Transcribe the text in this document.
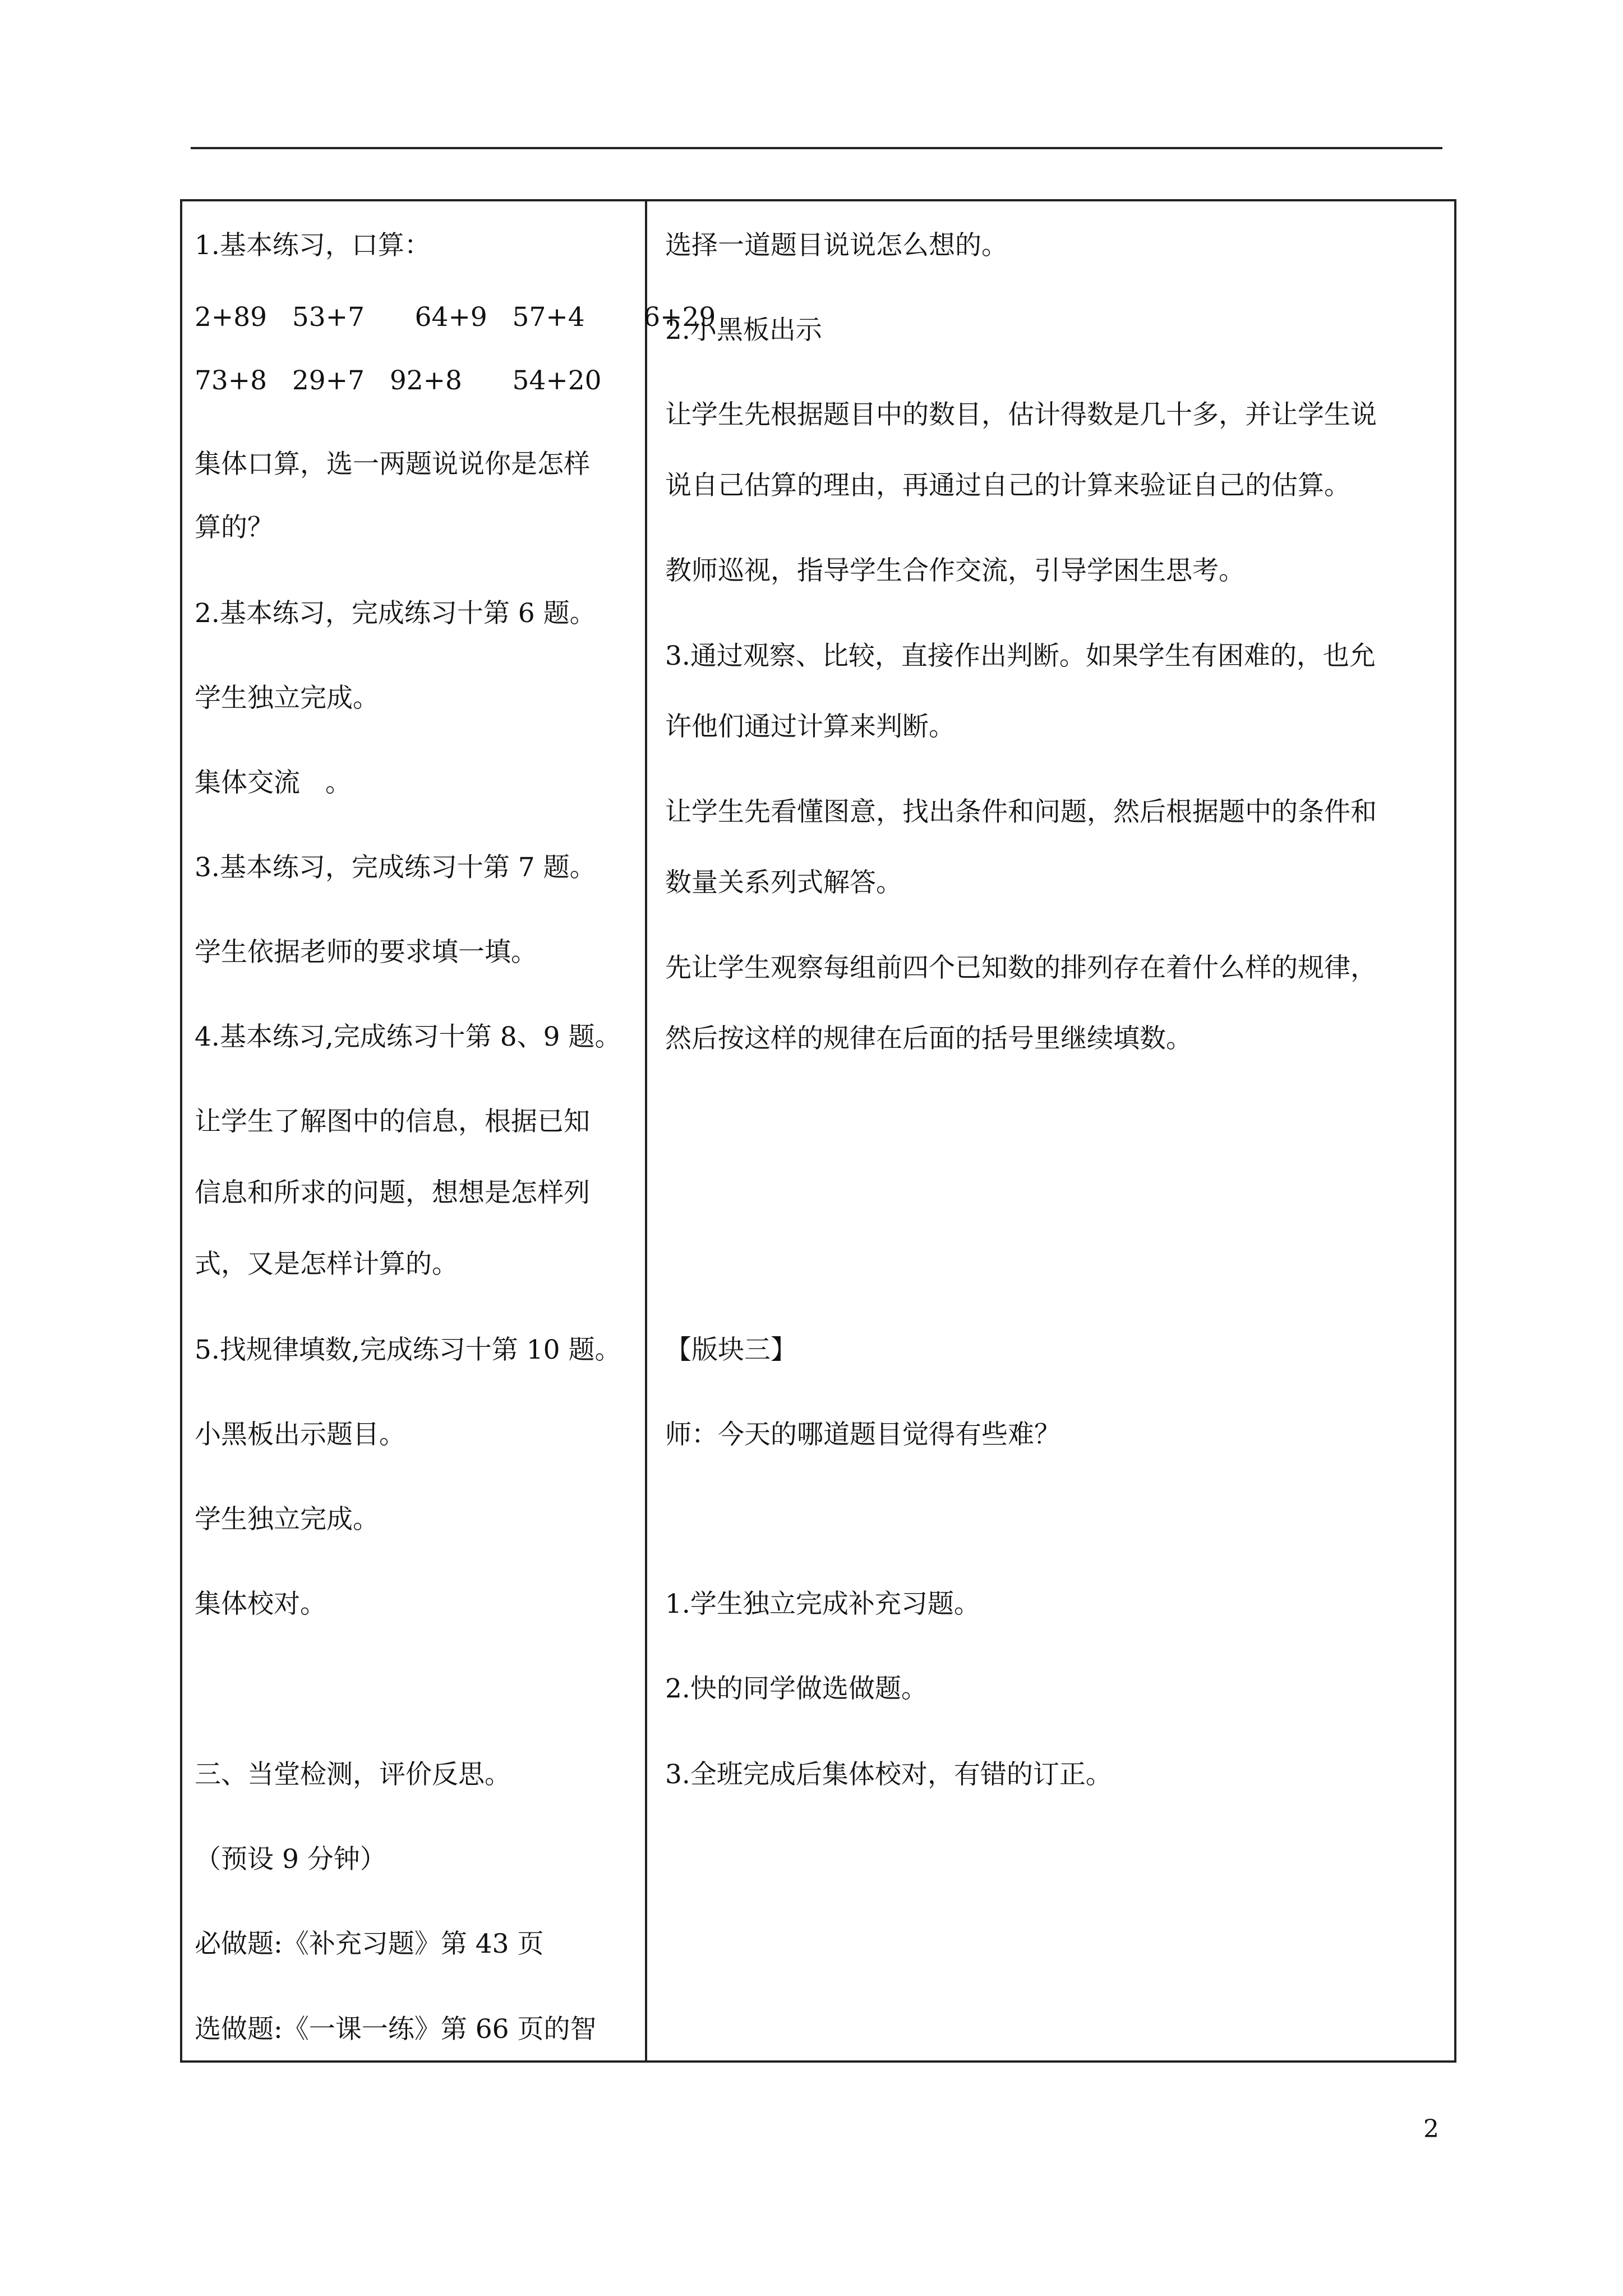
1.基本练习，口算：

2+89   53+7      64+9   57+4       6+29

73+8   29+7   92+8      54+20

集体口算，选一两题说说你是怎样

算的？

2.基本练习，完成练习十第 6 题。

学生独立完成。

集体交流   。

3.基本练习，完成练习十第 7 题。

学生依据老师的要求填一填。

4.基本练习,完成练习十第 8、9 题。

让学生了解图中的信息，根据已知

信息和所求的问题，想想是怎样列

式，又是怎样计算的。

5.找规律填数,完成练习十第 10 题。

小黑板出示题目。

学生独立完成。

集体校对。

三、当堂检测，评价反思。

（预设 9 分钟）

必做题:《补充习题》第 43 页

选做题:《一课一练》第 66 页的智

选择一道题目说说怎么想的。

2.小黑板出示

让学生先根据题目中的数目，估计得数是几十多，并让学生说

说自己估算的理由，再通过自己的计算来验证自己的估算。

教师巡视，指导学生合作交流，引导学困生思考。

3.通过观察、比较，直接作出判断。如果学生有困难的，也允

许他们通过计算来判断。

让学生先看懂图意，找出条件和问题，然后根据题中的条件和

数量关系列式解答。

先让学生观察每组前四个已知数的排列存在着什么样的规律，

然后按这样的规律在后面的括号里继续填数。

【版块三】

师：今天的哪道题目觉得有些难？

1.学生独立完成补充习题。

2.快的同学做选做题。

3.全班完成后集体校对，有错的订正。

2
